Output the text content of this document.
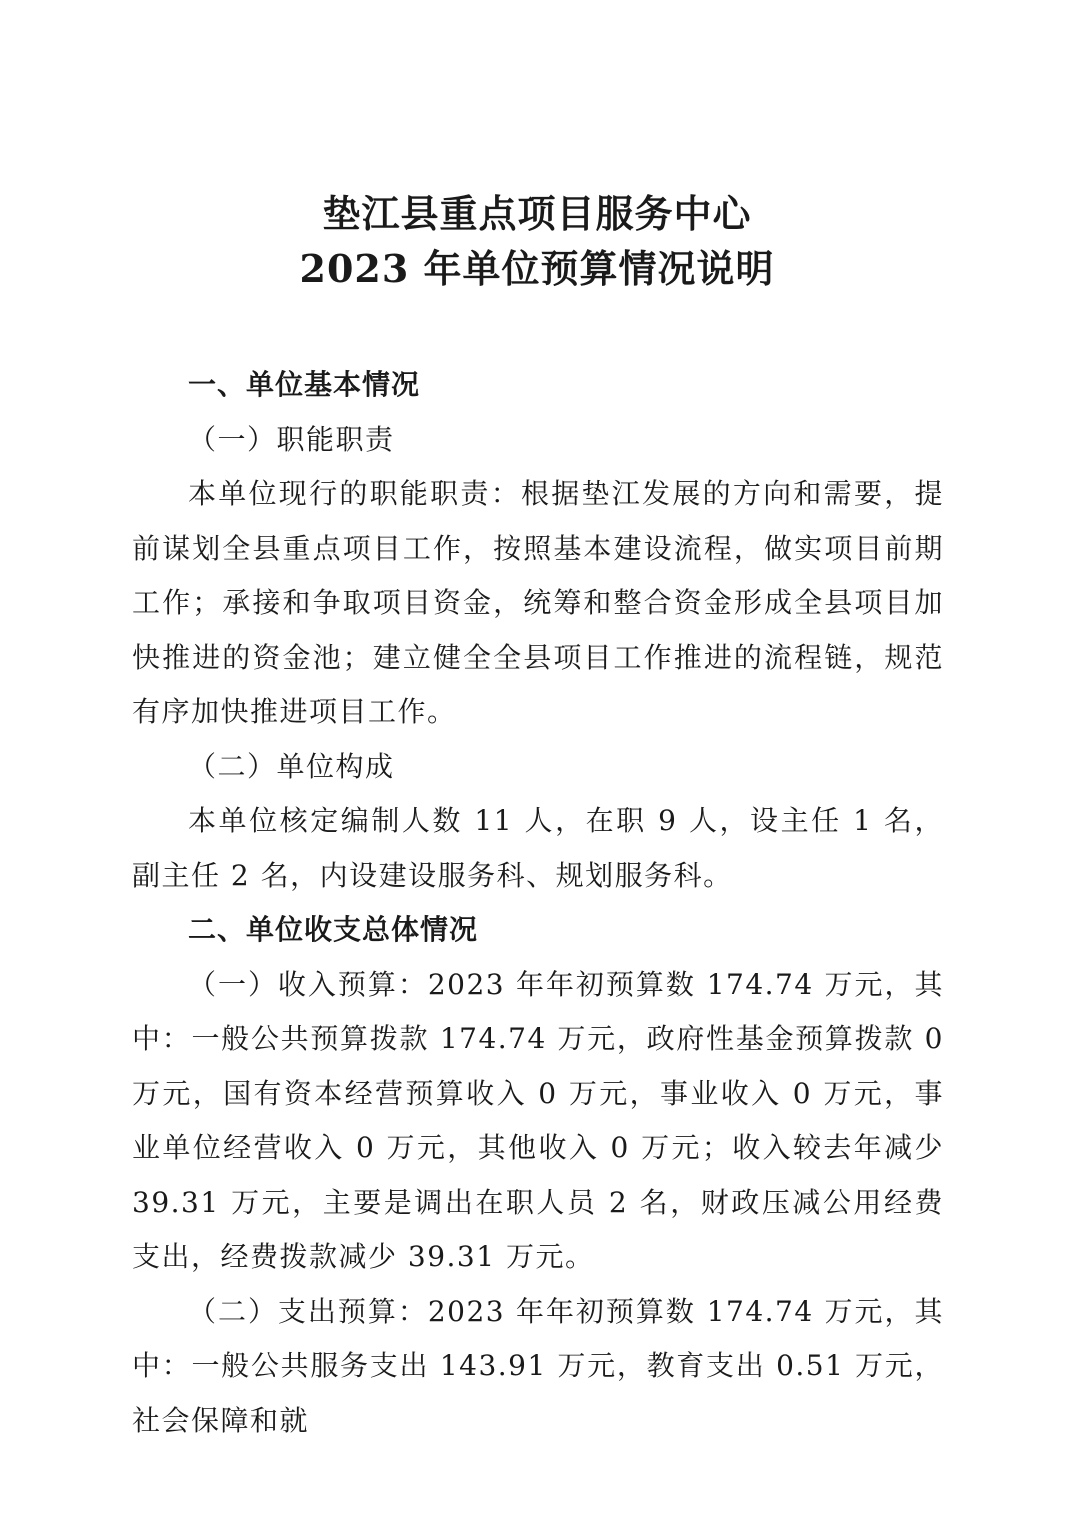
垫江县重点项目服务中心
2023 年单位预算情况说明

一、单位基本情况

（一）职能职责

本单位现行的职能职责：根据垫江发展的方向和需要，提前谋划全县重点项目工作，按照基本建设流程，做实项目前期工作；承接和争取项目资金，统筹和整合资金形成全县项目加快推进的资金池；建立健全全县项目工作推进的流程链，规范有序加快推进项目工作。

（二）单位构成

本单位核定编制人数 11 人，在职 9 人，设主任 1 名，副主任 2 名，内设建设服务科、规划服务科。

二、单位收支总体情况

（一）收入预算：2023 年年初预算数 174.74 万元，其中：一般公共预算拨款 174.74 万元，政府性基金预算拨款 0 万元，国有资本经营预算收入 0 万元，事业收入 0 万元，事业单位经营收入 0 万元，其他收入 0 万元；收入较去年减少 39.31 万元，主要是调出在职人员 2 名，财政压减公用经费支出，经费拨款减少 39.31 万元。

（二）支出预算：2023 年年初预算数 174.74 万元，其中：一般公共服务支出 143.91 万元，教育支出 0.51 万元，社会保障和就
